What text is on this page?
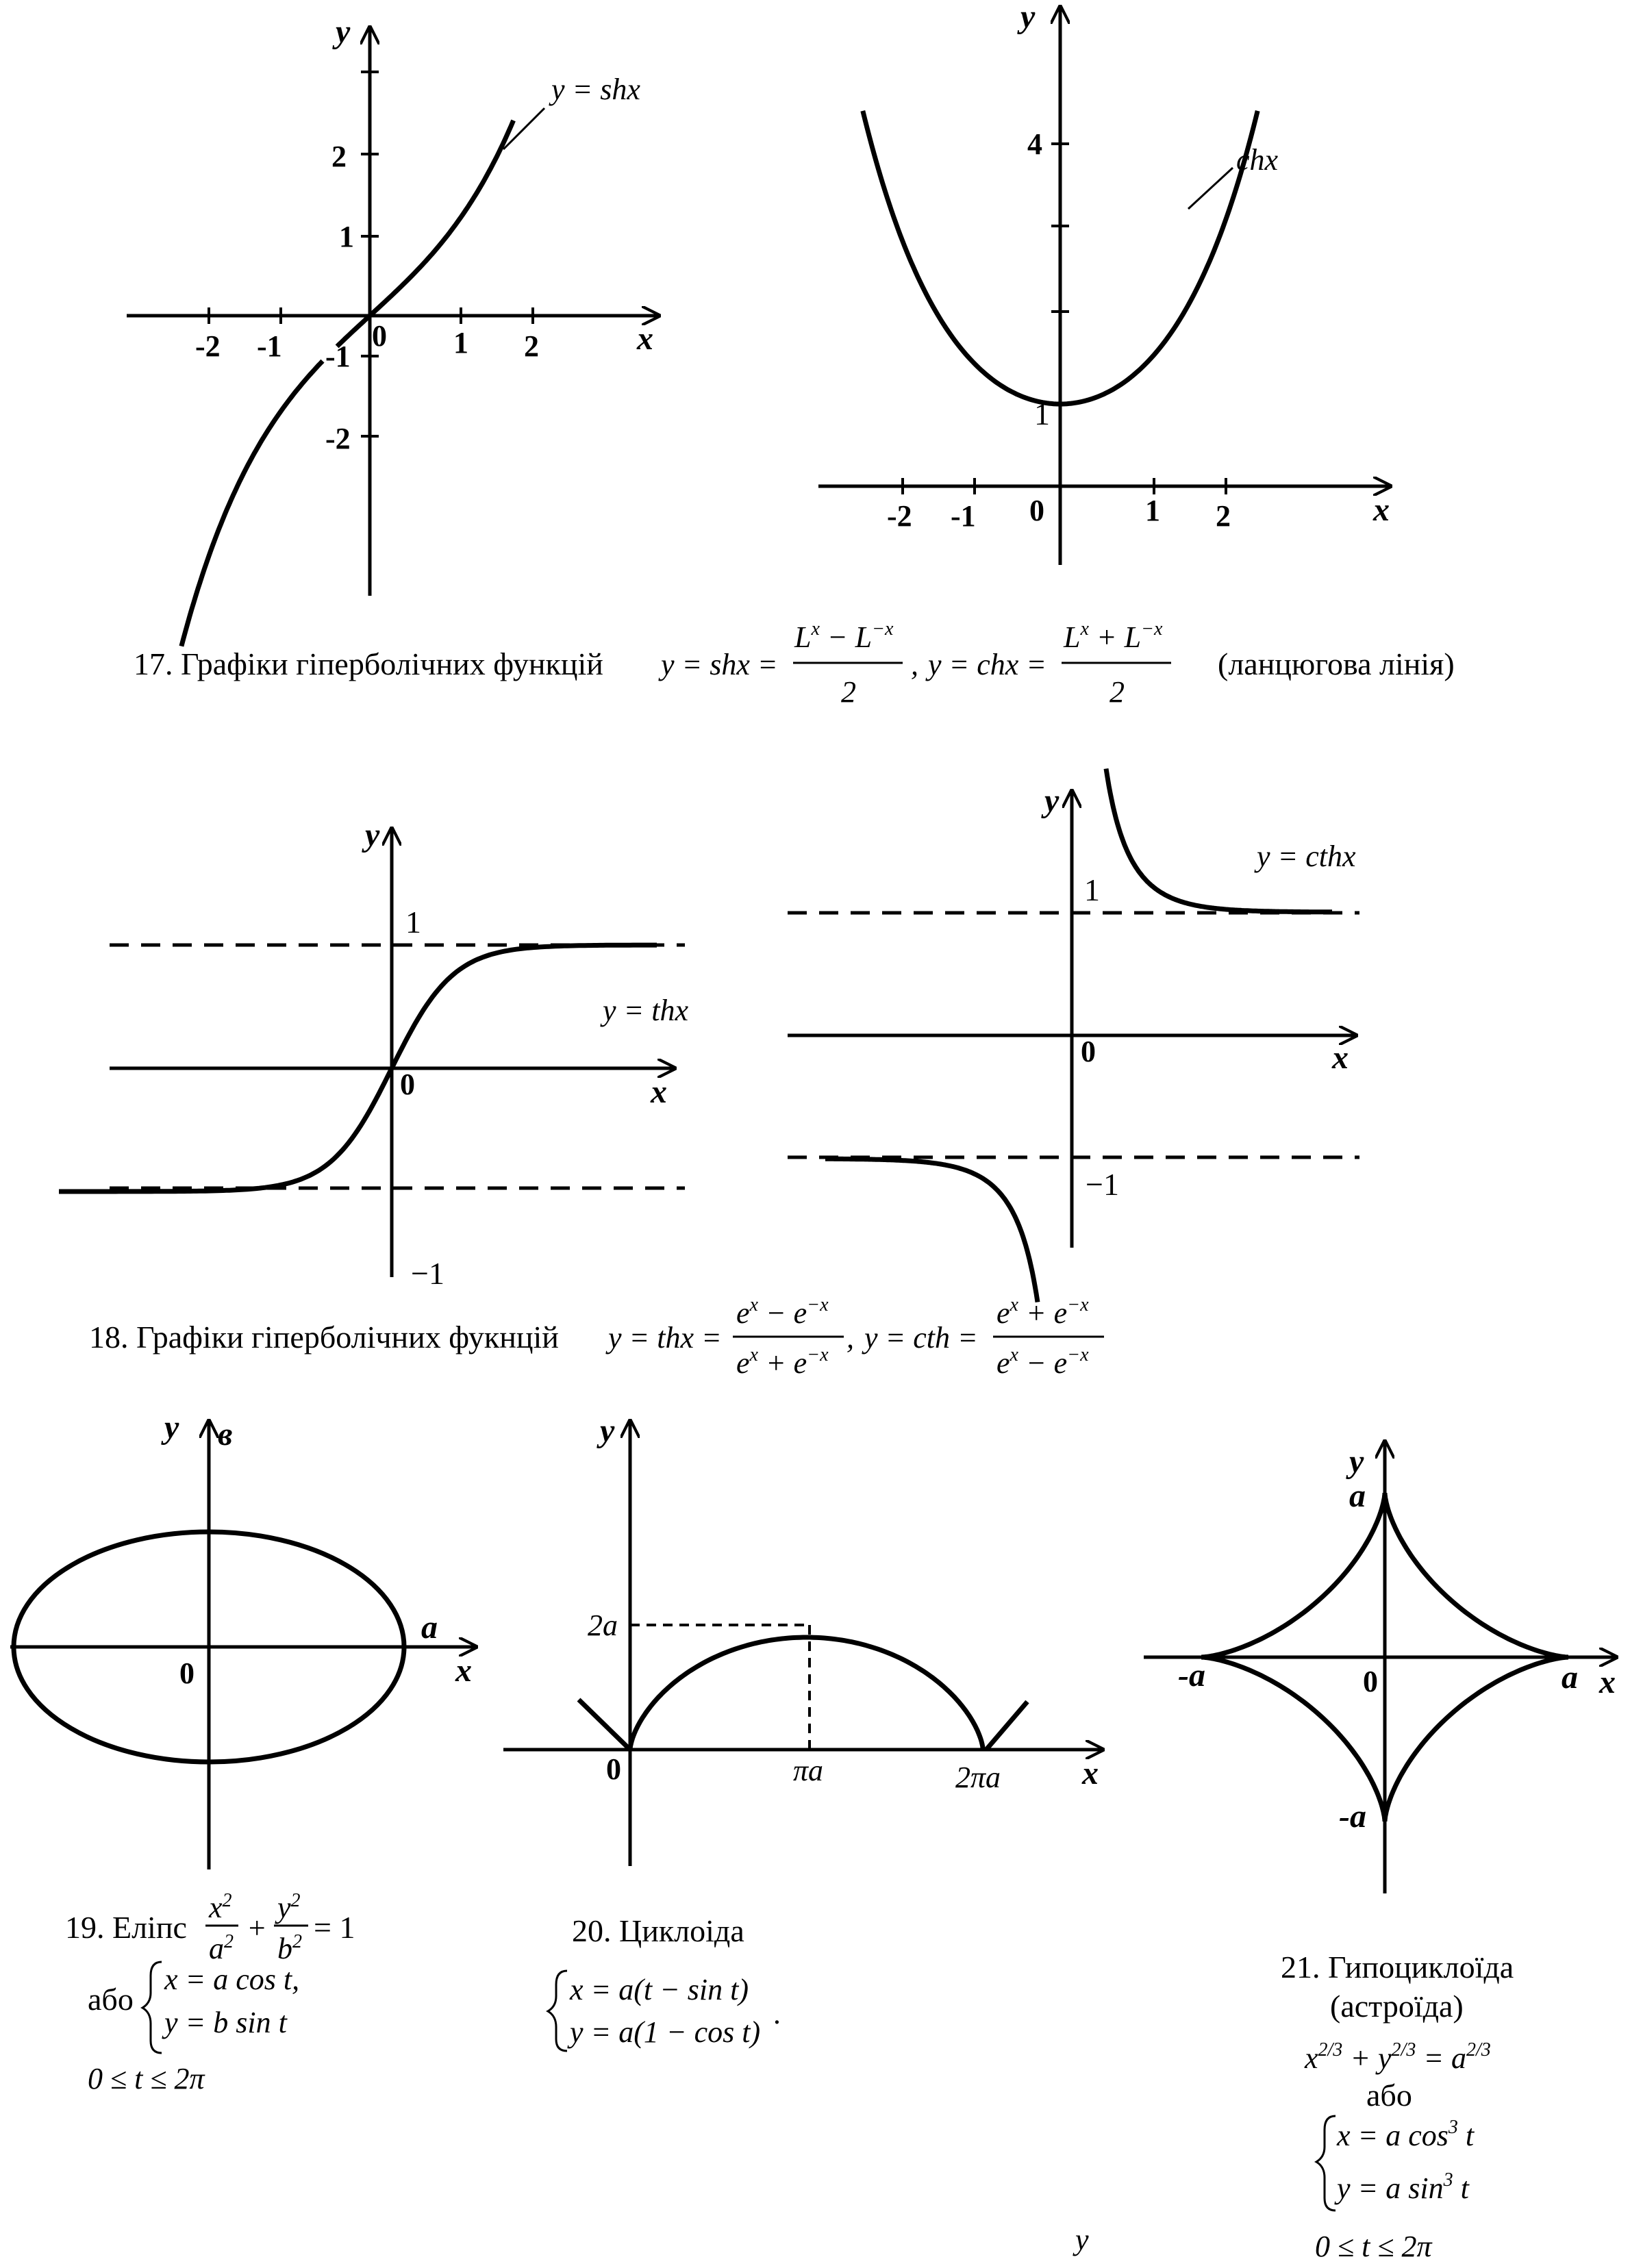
y
x
-2 -1	0 1 2
2
1
-1
-2
y = shx
y
x
-2 -1 0	1 2
4
1
chx
17. Графіки гіперболічних функцій y = shx =
$L^x - L^{-x}$
2
, y = chx =
$L^x + L^{-x}$
2
(ланцюгова лінія)
y
x
1
0
−1
y = thx
y
x
1
0
−1
y = cthx
18. Графіки гіперболічних фукнцій y = thx =
$e^x - e^{-x}$
$e^x + e^{-x}$
, y = cth =
$e^x + e^{-x}$
$e^x - e^{-x}$
y в
a
x
0
19. Еліпс
$x^2$
$a^2$ +
$y^2$
$b^2 = 1$
або
x = a cos t,
y = b sin t
0 ≤ t ≤ 2π
y
x
2a
0	πa	2πa
20. Циклоіда
x = a(t − sin t)
y = a(1 − cos t)
.
y
a
-a	0	a x
-a
21. Гипоциклоїда
(астроїда)
$x^{2/3} + y^{2/3} = a^{2/3}$
або
x = a $\cos^3 t$
y = a $\sin^3 t$
0 ≤ t ≤ 2π
y
